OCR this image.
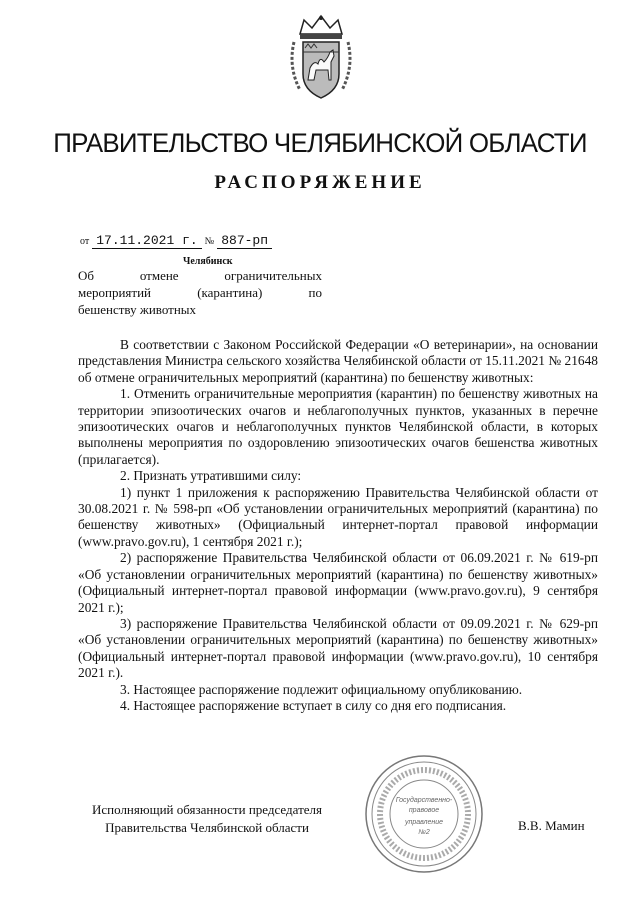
ПРАВИТЕЛЬСТВО ЧЕЛЯБИНСКОЙ ОБЛАСТИ
РАСПОРЯЖЕНИЕ
от 17.11.2021 г. № 887-рп
Челябинск
Об отмене ограничительных
мероприятий (карантина) по
бешенству животных

В соответствии с Законом Российской Федерации «О ветеринарии», на основании представления Министра сельского хозяйства Челябинской области от 15.11.2021 № 21648 об отмене ограничительных мероприятий (карантина) по бешенству животных:

1. Отменить ограничительные мероприятия (карантин) по бешенству животных на территории эпизоотических очагов и неблагополучных пунктов, указанных в перечне эпизоотических очагов и неблагополучных пунктов Челябинской области, в которых выполнены мероприятия по оздоровлению эпизоотических очагов бешенства животных (прилагается).

2. Признать утратившими силу:

1) пункт 1 приложения к распоряжению Правительства Челябинской области от 30.08.2021 г. № 598-рп «Об установлении ограничительных мероприятий (карантина) по бешенству животных» (Официальный интернет-портал правовой информации (www.pravo.gov.ru), 1 сентября 2021 г.);

2) распоряжение Правительства Челябинской области от 06.09.2021 г. № 619-рп «Об установлении ограничительных мероприятий (карантина) по бешенству животных» (Официальный интернет-портал правовой информации (www.pravo.gov.ru), 9 сентября 2021 г.);

3) распоряжение Правительства Челябинской области от 09.09.2021 г. № 629-рп «Об установлении ограничительных мероприятий (карантина) по бешенству животных» (Официальный интернет-портал правовой информации (www.pravo.gov.ru), 10 сентября 2021 г.).

3. Настоящее распоряжение подлежит официальному опубликованию.

4. Настоящее распоряжение вступает в силу со дня его подписания.

Исполняющий обязанности председателя
Правительства Челябинской области	В.В. Мамин
Государственно-
правовое
управление
№2
